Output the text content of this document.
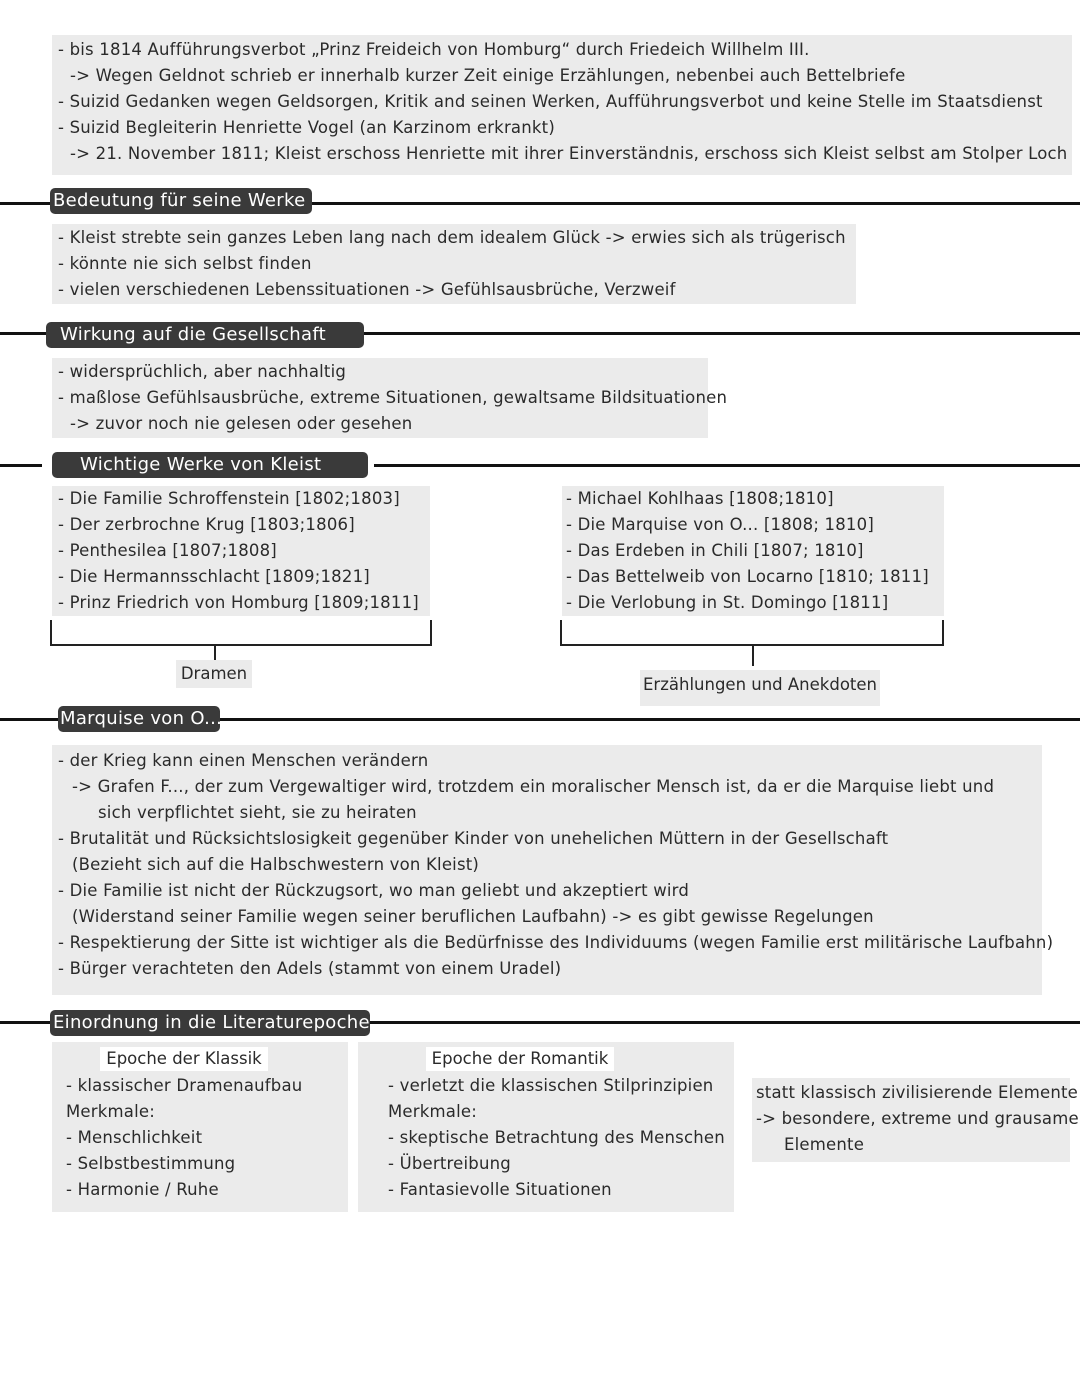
- bis 1814 Aufführungsverbot „Prinz Freideich von Homburg“ durch Friedeich Willhelm III.

-> Wegen Geldnot schrieb er innerhalb kurzer Zeit einige Erzählungen, nebenbei auch Bettelbriefe

- Suizid Gedanken wegen Geldsorgen, Kritik and seinen Werken, Aufführungsverbot und keine Stelle im Staatsdienst

- Suizid Begleiterin Henriette Vogel (an Karzinom erkrankt)

-> 21. November 1811; Kleist erschoss Henriette mit ihrer Einverständnis, erschoss sich Kleist selbst am Stolper Loch

Bedeutung für seine Werke

- Kleist strebte sein ganzes Leben lang nach dem idealem Glück -> erwies sich als trügerisch

- könnte nie sich selbst finden

- vielen verschiedenen Lebenssituationen -> Gefühlsausbrüche, Verzweif

Wirkung auf die Gesellschaft

- widersprüchlich, aber nachhaltig

- maßlose Gefühlsausbrüche, extreme Situationen, gewaltsame Bildsituationen

-> zuvor noch nie gelesen oder gesehen

Wichtige Werke von Kleist

- Die Familie Schroffenstein [1802;1803]

- Der zerbrochne Krug [1803;1806]

- Penthesilea [1807;1808]

- Die Hermannsschlacht [1809;1821]

- Prinz Friedrich von Homburg [1809;1811]

Dramen

- Michael Kohlhaas [1808;1810]

- Die Marquise von O... [1808; 1810]

- Das Erdeben in Chili [1807; 1810]

- Das Bettelweib von Locarno [1810; 1811]

- Die Verlobung in St. Domingo [1811]

Erzählungen und Anekdoten
Marquise von O...

- der Krieg kann einen Menschen verändern

-> Grafen F..., der zum Vergewaltiger wird, trotzdem ein moralischer Mensch ist, da er die Marquise liebt und

sich verpflichtet sieht, sie zu heiraten

- Brutalität und Rücksichtslosigkeit gegenüber Kinder von unehelichen Müttern in der Gesellschaft

(Bezieht sich auf die Halbschwestern von Kleist)

- Die Familie ist nicht der Rückzugsort, wo man geliebt und akzeptiert wird

(Widerstand seiner Familie wegen seiner beruflichen Laufbahn) -> es gibt gewisse Regelungen

- Respektierung der Sitte ist wichtiger als die Bedürfnisse des Individuums (wegen Familie erst militärische Laufbahn)

- Bürger verachteten den Adels (stammt von einem Uradel)

Einordnung in die Literaturepoche
Epoche der Klassik

- klassischer Dramenaufbau

Merkmale:

- Menschlichkeit

- Selbstbestimmung

- Harmonie / Ruhe

Epoche der Romantik

- verletzt die klassischen Stilprinzipien

Merkmale:

- skeptische Betrachtung des Menschen

- Übertreibung

- Fantasievolle Situationen

statt klassisch zivilisierende Elemente

-> besondere, extreme und grausame

Elemente
